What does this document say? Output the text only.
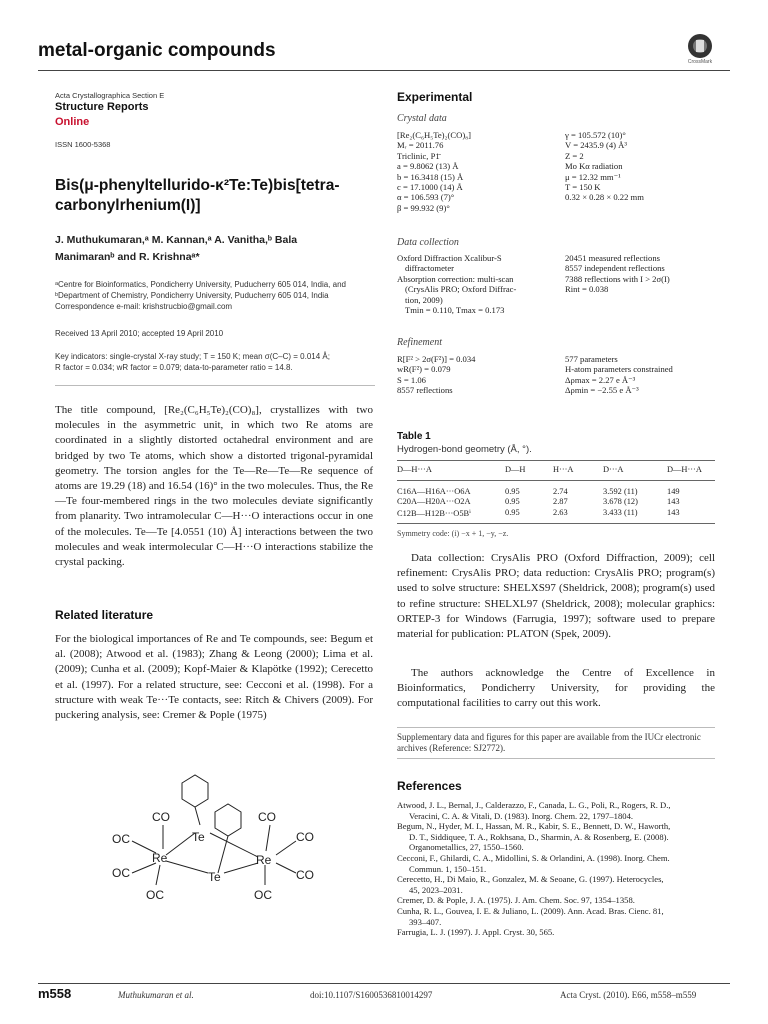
metal-organic compounds
CrossMark
Acta Crystallographica Section E
Structure Reports
Online
ISSN 1600-5368
Bis(μ-phenyltellurido-κ²Te:Te)bis[tetra-
carbonylrhenium(I)]
J. Muthukumaran,ᵃ M. Kannan,ᵃ A. Vanitha,ᵇ Bala
Manimaranᵇ and R. Krishnaᵃ*
ᵃCentre for Bioinformatics, Pondicherry University, Puducherry 605 014, India, and
ᵇDepartment of Chemistry, Pondicherry University, Puducherry 605 014, India
Correspondence e-mail: krishstrucbio@gmail.com
Received 13 April 2010; accepted 19 April 2010
Key indicators: single-crystal X-ray study; T = 150 K; mean σ(C–C) = 0.014 Å;
R factor = 0.034; wR factor = 0.079; data-to-parameter ratio = 14.8.
The title compound, [Re₂(C₆H₅Te)₂(CO)₈], crystallizes with two molecules in the asymmetric unit, in which two Re atoms are coordinated in a slightly distorted octahedral environment and are bridged by two Te atoms, which show a distorted trigonal-pyramidal geometry. The torsion angles for the Te—Re—Te—Re sequence of atoms are 19.29 (18) and 16.54 (16)° in the two molecules. Thus, the Re—Te four-membered rings in the two molecules deviate significantly from planarity. Two intramolecular C—H···O interactions occur in one of the molecules. Te—Te [4.0551 (10) Å] interactions between the two molecules and weak intermolecular C—H···O interactions stabilize the crystal packing.
Related literature
For the biological importances of Re and Te compounds, see: Begum et al. (2008); Atwood et al. (1983); Zhang & Leong (2000); Lima et al. (2009); Cunha et al. (2009); Kopf-Maier & Klapötke (1992); Cerecetto et al. (1997). For a related structure, see: Cecconi et al. (1998). For a structure with weak Te···Te contacts, see: Ritch & Chivers (2009). For puckering analysis, see: Cremer & Pople (1975)
CO	CO
OC	Te	CO
Re	Re
OC	Te	CO
OC	OC
Experimental
Crystal data
[Re₂(C₆H₅Te)₂(CO)₈]
Mᵣ = 2011.76
Triclinic, P1̄
a = 9.8062 (13) Å
b = 16.3418 (15) Å
c = 17.1000 (14) Å
α = 106.593 (7)°
β = 99.932 (9)°
γ = 105.572 (10)°
V = 2435.9 (4) Å³
Z = 2
Mo Kα radiation
μ = 12.32 mm⁻¹
T = 150 K
0.32 × 0.28 × 0.22 mm
Data collection
Oxford Diffraction Xcalibur-S
diffractometer
Absorption correction: multi-scan
(CrysAlis PRO; Oxford Diffrac-
tion, 2009)
Tmin = 0.110, Tmax = 0.173
20451 measured reflections
8557 independent reflections
7388 reflections with I > 2σ(I)
Rint = 0.038
Refinement
R[F² > 2σ(F²)] = 0.034
wR(F²) = 0.079
S = 1.06
8557 reflections
577 parameters
H-atom parameters constrained
Δρmax = 2.27 e Å⁻³
Δρmin = −2.55 e Å⁻³
Table 1
Hydrogen-bond geometry (Å, °).
D—H···A	D—H	H···A	D···A	D—H···A
C16A—H16A···O6A	0.95	2.74	3.592 (11)	149
C20A—H20A···O2A	0.95	2.87	3.678 (12)	143
C12B—H12B···O5Bⁱ	0.95	2.63	3.433 (11)	143
Symmetry code: (i) −x + 1, −y, −z.
Data collection: CrysAlis PRO (Oxford Diffraction, 2009); cell refinement: CrysAlis PRO; data reduction: CrysAlis PRO; program(s) used to solve structure: SHELXS97 (Sheldrick, 2008); program(s) used to refine structure: SHELXL97 (Sheldrick, 2008); molecular graphics: ORTEP-3 for Windows (Farrugia, 1997); software used to prepare material for publication: PLATON (Spek, 2009).
The authors acknowledge the Centre of Excellence in Bioinformatics, Pondicherry University, for providing the computational facilities to carry out this work.
Supplementary data and figures for this paper are available from the IUCr electronic archives (Reference: SJ2772).
References
Atwood, J. L., Bernal, J., Calderazzo, F., Canada, L. G., Poli, R., Rogers, R. D.,
Veracini, C. A. & Vitali, D. (1983). Inorg. Chem. 22, 1797–1804.
Begum, N., Hyder, M. I., Hassan, M. R., Kabir, S. E., Bennett, D. W., Haworth,
D. T., Siddiquee, T. A., Rokhsana, D., Sharmin, A. & Rosenberg, E. (2008).
Organometallics, 27, 1550–1560.
Cecconi, F., Ghilardi, C. A., Midollini, S. & Orlandini, A. (1998). Inorg. Chem.
Commun. 1, 150–151.
Cerecetto, H., Di Maio, R., Gonzalez, M. & Seoane, G. (1997). Heterocycles,
45, 2023–2031.
Cremer, D. & Pople, J. A. (1975). J. Am. Chem. Soc. 97, 1354–1358.
Cunha, R. L., Gouvea, I. E. & Juliano, L. (2009). Ann. Acad. Bras. Cienc. 81,
393–407.
Farrugia, L. J. (1997). J. Appl. Cryst. 30, 565.
m558	Muthukumaran et al.	doi:10.1107/S1600536810014297	Acta Cryst. (2010). E66, m558–m559
